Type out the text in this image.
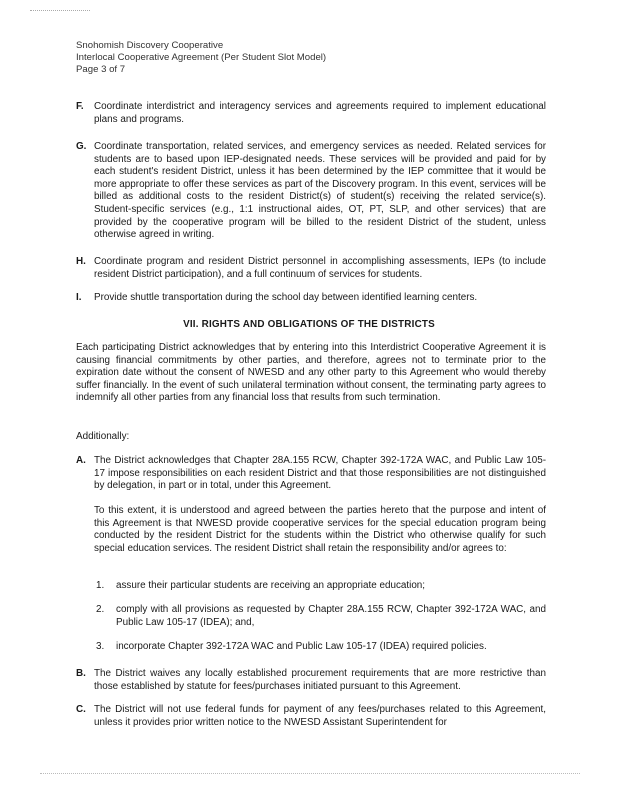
Snohomish Discovery Cooperative
Interlocal Cooperative Agreement (Per Student Slot Model)
Page 3 of 7
F. Coordinate interdistrict and interagency services and agreements required to implement educational plans and programs.
G. Coordinate transportation, related services, and emergency services as needed. Related services for students are to based upon IEP-designated needs. These services will be provided and paid for by each student's resident District, unless it has been determined by the IEP committee that it would be more appropriate to offer these services as part of the Discovery program. In this event, services will be billed as additional costs to the resident District(s) of student(s) receiving the related service(s). Student-specific services (e.g., 1:1 instructional aides, OT, PT, SLP, and other services) that are provided by the cooperative program will be billed to the resident District of the student, unless otherwise agreed in writing.
H. Coordinate program and resident District personnel in accomplishing assessments, IEPs (to include resident District participation), and a full continuum of services for students.
I. Provide shuttle transportation during the school day between identified learning centers.
VII. RIGHTS AND OBLIGATIONS OF THE DISTRICTS
Each participating District acknowledges that by entering into this Interdistrict Cooperative Agreement it is causing financial commitments by other parties, and therefore, agrees not to terminate prior to the expiration date without the consent of NWESD and any other party to this Agreement who would thereby suffer financially. In the event of such unilateral termination without consent, the terminating party agrees to indemnify all other parties from any financial loss that results from such termination.
Additionally:
A. The District acknowledges that Chapter 28A.155 RCW, Chapter 392-172A WAC, and Public Law 105-17 impose responsibilities on each resident District and that those responsibilities are not distinguished by delegation, in part or in total, under this Agreement.
To this extent, it is understood and agreed between the parties hereto that the purpose and intent of this Agreement is that NWESD provide cooperative services for the special education program being conducted by the resident District for the students within the District who otherwise qualify for such special education services. The resident District shall retain the responsibility and/or agrees to:
1. assure their particular students are receiving an appropriate education;
2. comply with all provisions as requested by Chapter 28A.155 RCW, Chapter 392-172A WAC, and Public Law 105-17 (IDEA); and,
3. incorporate Chapter 392-172A WAC and Public Law 105-17 (IDEA) required policies.
B. The District waives any locally established procurement requirements that are more restrictive than those established by statute for fees/purchases initiated pursuant to this Agreement.
C. The District will not use federal funds for payment of any fees/purchases related to this Agreement, unless it provides prior written notice to the NWESD Assistant Superintendent for
